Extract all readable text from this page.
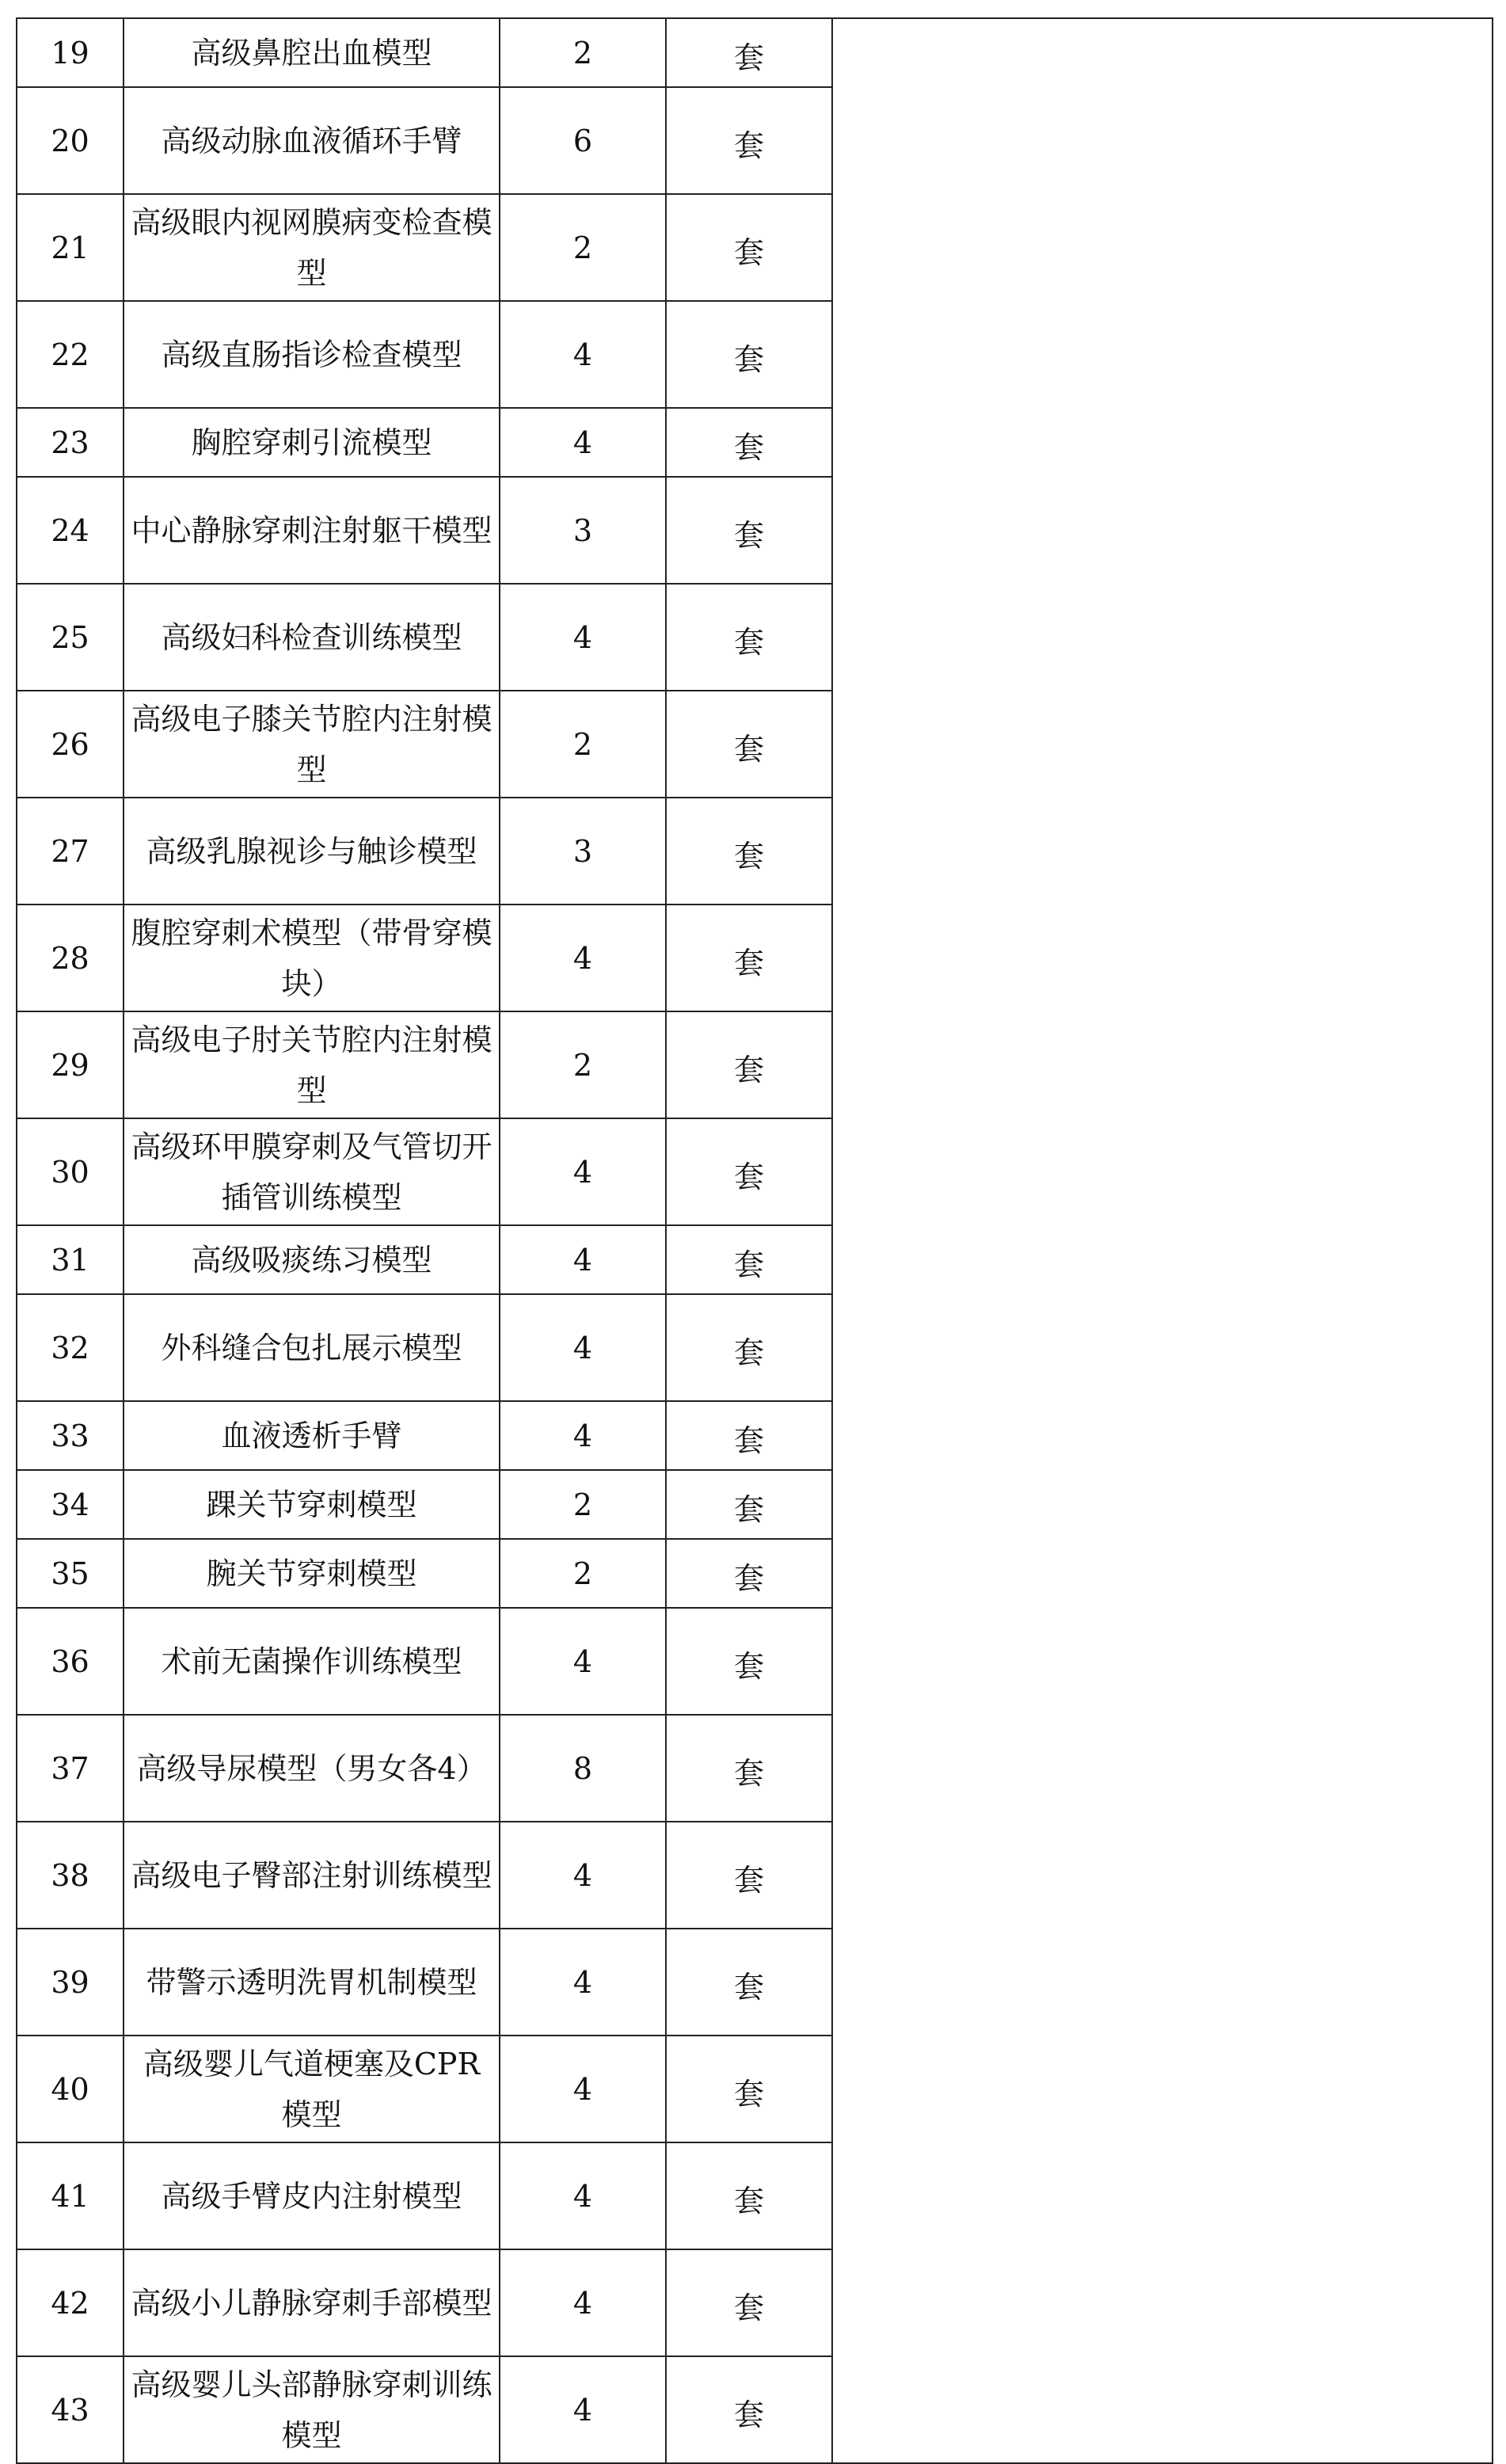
19	高级鼻腔出血模型	2	套	
20	高级动脉血液循环手臂	6	套	
21	高级眼内视网膜病变检查模型	2	套	
22	高级直肠指诊检查模型	4	套	
23	胸腔穿刺引流模型	4	套	
24	中心静脉穿刺注射躯干模型	3	套	
25	高级妇科检查训练模型	4	套	
26	高级电子膝关节腔内注射模型	2	套	
27	高级乳腺视诊与触诊模型	3	套	
28	腹腔穿刺术模型（带骨穿模块）	4	套	
29	高级电子肘关节腔内注射模型	2	套	
30	高级环甲膜穿刺及气管切开插管训练模型	4	套	
31	高级吸痰练习模型	4	套	
32	外科缝合包扎展示模型	4	套	
33	血液透析手臂	4	套	
34	踝关节穿刺模型	2	套	
35	腕关节穿刺模型	2	套	
36	术前无菌操作训练模型	4	套	
37	高级导尿模型（男女各4）	8	套	
38	高级电子臀部注射训练模型	4	套	
39	带警示透明洗胃机制模型	4	套	
40	高级婴儿气道梗塞及CPR 模型	4	套	
41	高级手臂皮内注射模型	4	套	
42	高级小儿静脉穿刺手部模型	4	套	
43	高级婴儿头部静脉穿刺训练模型	4	套	
